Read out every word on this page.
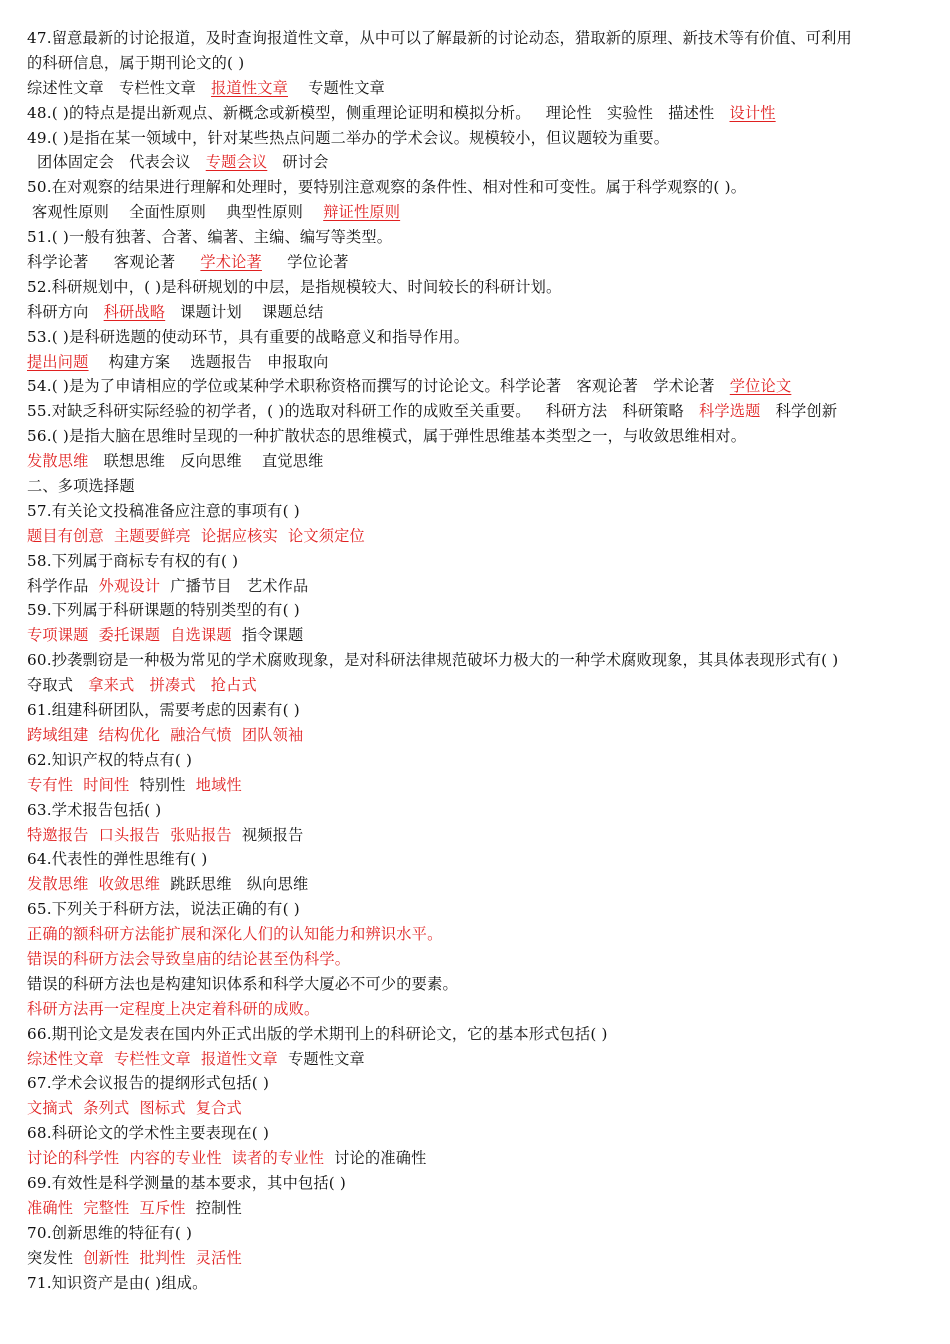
47.留意最新的讨论报道，及时查询报道性文章，从中可以了解最新的讨论动态，猎取新的原理、新技术等有价值、可利用
的科研信息，属于期刊论文的( )
综述性文章   专栏性文章   报道性文章    专题性文章
48.( )的特点是提出新观点、新概念或新模型，侧重理论证明和模拟分析。   理论性   实验性   描述性   设计性
49.( )是指在某一领域中，针对某些热点问题二举办的学术会议。规模较小，但议题较为重要。
团体固定会   代表会议   专题会议   研讨会
50.在对观察的结果进行理解和处理时，要特别注意观察的条件性、相对性和可变性。属于科学观察的( )。
客观性原则    全面性原则    典型性原则    辩证性原则
51.( )一般有独著、合著、编著、主编、编写等类型。
科学论著     客观论著     学术论著     学位论著
52.科研规划中，( )是科研规划的中层，是指规模较大、时间较长的科研计划。
科研方向   科研战略   课题计划    课题总结
53.( )是科研选题的使动环节，具有重要的战略意义和指导作用。
提出问题    构建方案    选题报告   申报取向
54.( )是为了申请相应的学位或某种学术职称资格而撰写的讨论论文。科学论著   客观论著   学术论著   学位论文
55.对缺乏科研实际经验的初学者，( )的选取对科研工作的成败至关重要。   科研方法   科研策略   科学选题   科学创新
56.( )是指大脑在思维时呈现的一种扩散状态的思维模式，属于弹性思维基本类型之一，与收敛思维相对。
发散思维   联想思维   反向思维    直觉思维
二、多项选择题
57.有关论文投稿准备应注意的事项有( )
题目有创意 主题要鲜亮 论据应核实 论文须定位
58.下列属于商标专有权的有( )
科学作品  外观设计  广播节目   艺术作品
59.下列属于科研课题的特别类型的有( )
专项课题 委托课题 自选课题  指令课题
60.抄袭剽窃是一种极为常见的学术腐败现象，是对科研法律规范破坏力极大的一种学术腐败现象，其具体表现形式有( )
夺取式   拿来式 拼凑式 抢占式
61.组建科研团队，需要考虑的因素有( )
跨域组建 结构优化 融洽气愤 团队领袖
62.知识产权的特点有( )
专有性 时间性  特别性  地域性
63.学术报告包括( )
特邀报告 口头报告 张贴报告  视频报告
64.代表性的弹性思维有( )
发散思维 收敛思维  跳跃思维   纵向思维
65.下列关于科研方法，说法正确的有( )
正确的额科研方法能扩展和深化人们的认知能力和辨识水平。
错误的科研方法会导致皇庙的结论甚至伪科学。
错误的科研方法也是构建知识体系和科学大厦必不可少的要素。
科研方法再一定程度上决定着科研的成败。
66.期刊论文是发表在国内外正式出版的学术期刊上的科研论文，它的基本形式包括( )
综述性文章 专栏性文章 报道性文章  专题性文章
67.学术会议报告的提纲形式包括( )
文摘式 条列式 图标式 复合式
68.科研论文的学术性主要表现在( )
讨论的科学性 内容的专业性 读者的专业性  讨论的准确性
69.有效性是科学测量的基本要求，其中包括( )
准确性 完整性 互斥性  控制性
70.创新思维的特征有( )
突发性  创新性 批判性 灵活性
71.知识资产是由( )组成。
